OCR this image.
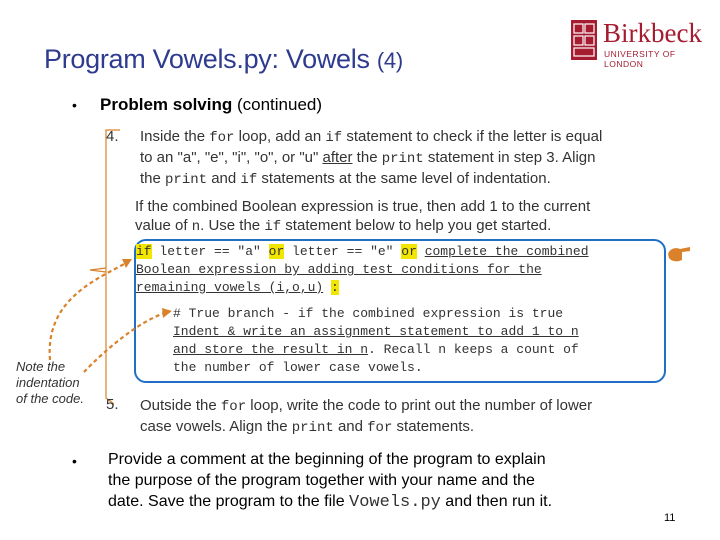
Program Vowels.py: Vowels (4)
Birkbeck
UNIVERSITY OF LONDON
• Problem solving (continued)
4. Inside the for loop, add an if statement to check if the letter is equal
to an "a", "e", "i", "o", or "u" after the print statement in step 3. Align
the print and if statements at the same level of indentation.
If the combined Boolean expression is true, then add 1 to the current
value of n. Use the if statement below to help you get started.
if letter == "a" or letter == "e" or complete the combined
Boolean expression by adding test conditions for the
remaining vowels (i,o,u) :
# True branch - if the combined expression is true
Indent & write an assignment statement to add 1 to n
and store the result in n. Recall n keeps a count of
the number of lower case vowels.
Note the
indentation
of the code.	5. Outside the for loop, write the code to print out the number of lower
case vowels. Align the print and for statements.
• Provide a comment at the beginning of the program to explain
the purpose of the program together with your name and the
date. Save the program to the file Vowels.py and then run it.
11
